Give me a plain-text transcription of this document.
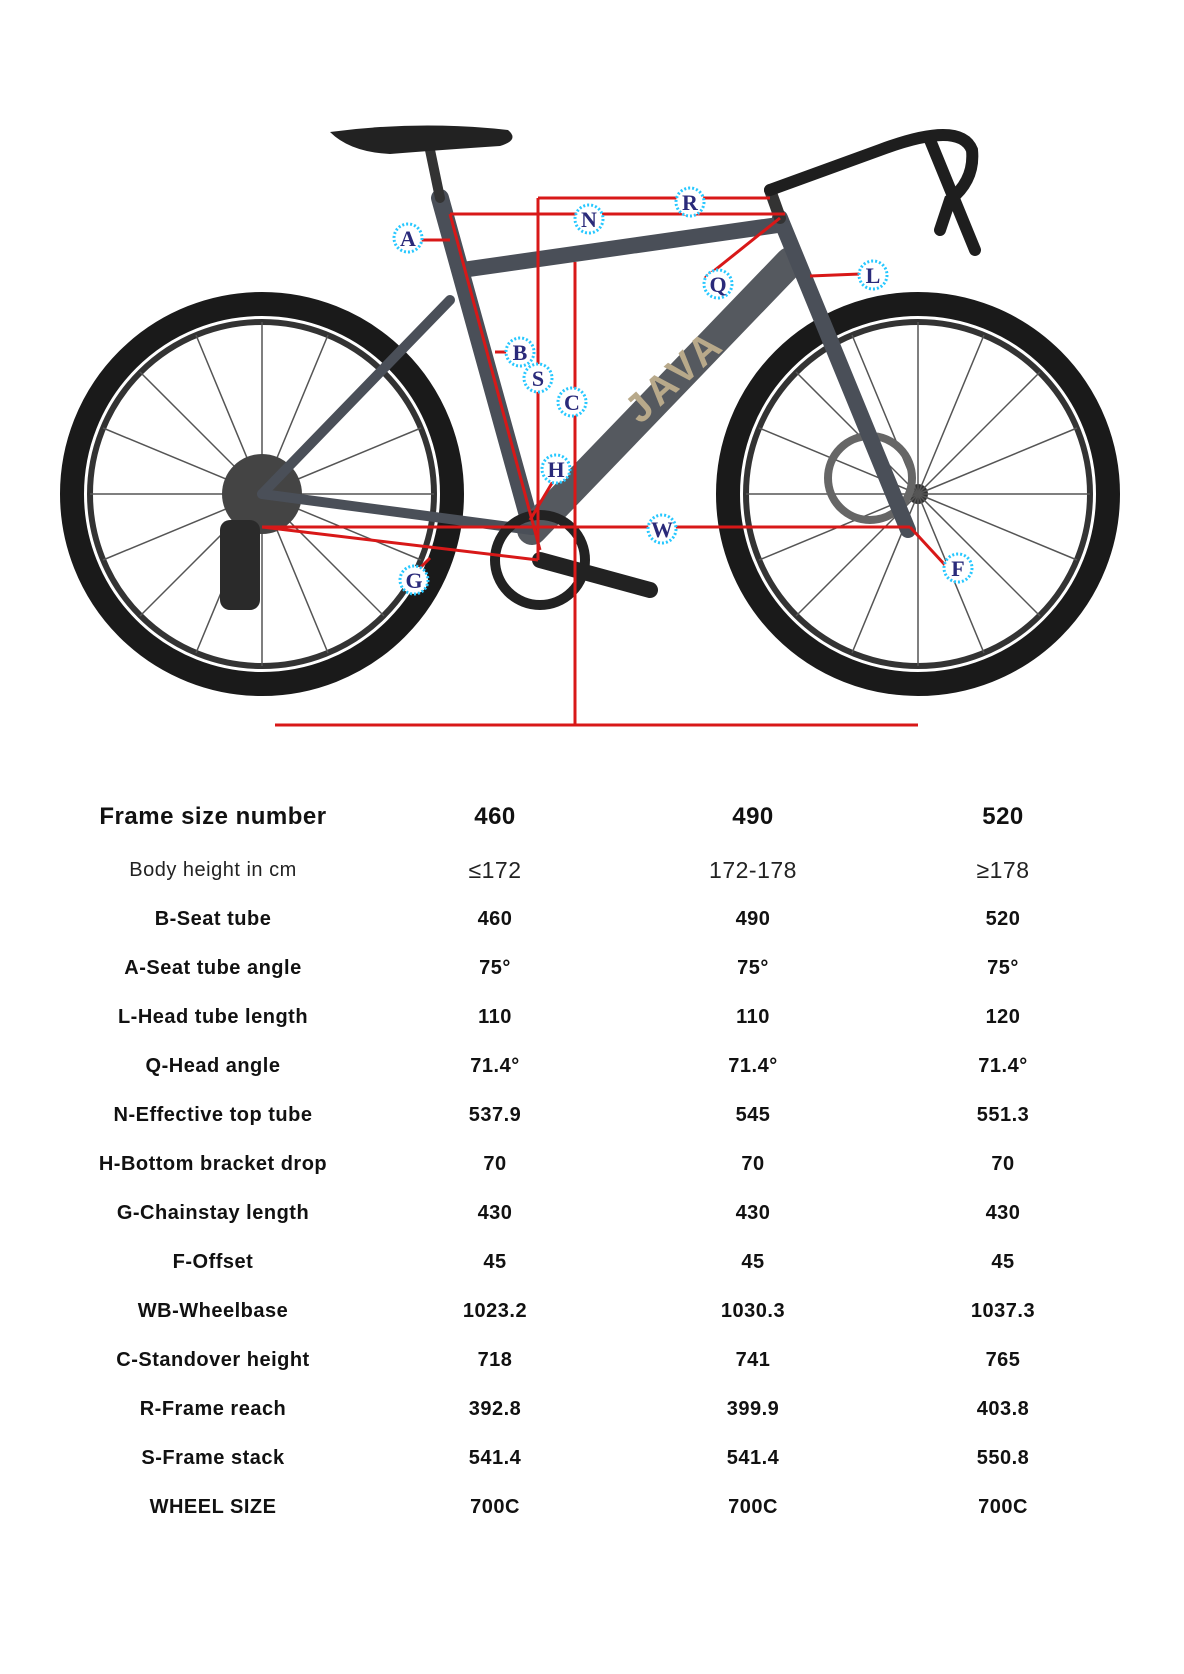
JAVA
A
B
S
C
H
G
N
R
Q	L
W
F
Frame size number	460	490	520
Body height in cm	≤172	172-178	≥178
B-Seat tube	460	490	520
A-Seat tube angle	75°	75°	75°
L-Head tube length	110	110	120
Q-Head angle	71.4°	71.4°	71.4°
N-Effective top tube	537.9	545	551.3
H-Bottom bracket drop	70	70	70
G-Chainstay length	430	430	430
F-Offset	45	45	45
WB-Wheelbase	1023.2	1030.3	1037.3
C-Standover height	718	741	765
R-Frame reach	392.8	399.9	403.8
S-Frame stack	541.4	541.4	550.8
WHEEL SIZE	700C	700C	700C
